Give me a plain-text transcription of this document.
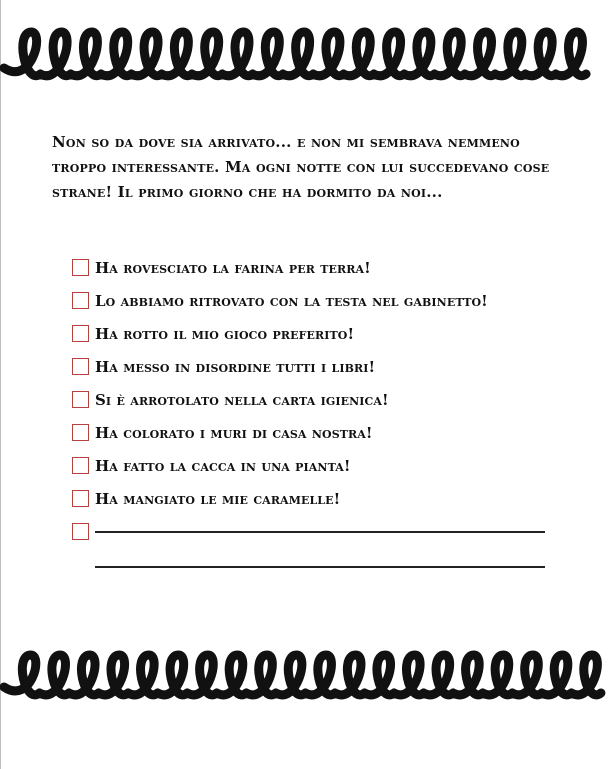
Non so da dove sia arrivato... e non mi sembrava nemmeno troppo interessante. Ma ogni notte con lui succedevano cose strane! Il primo giorno che ha dormito da noi...

Ha rovesciato la farina per terra!
Lo abbiamo ritrovato con la testa nel gabinetto!
Ha rotto il mio gioco preferito!
Ha messo in disordine tutti i libri!
Si è arrotolato nella carta igienica!
Ha colorato i muri di casa nostra!
Ha fatto la cacca in una pianta!
Ha mangiato le mie caramelle!
